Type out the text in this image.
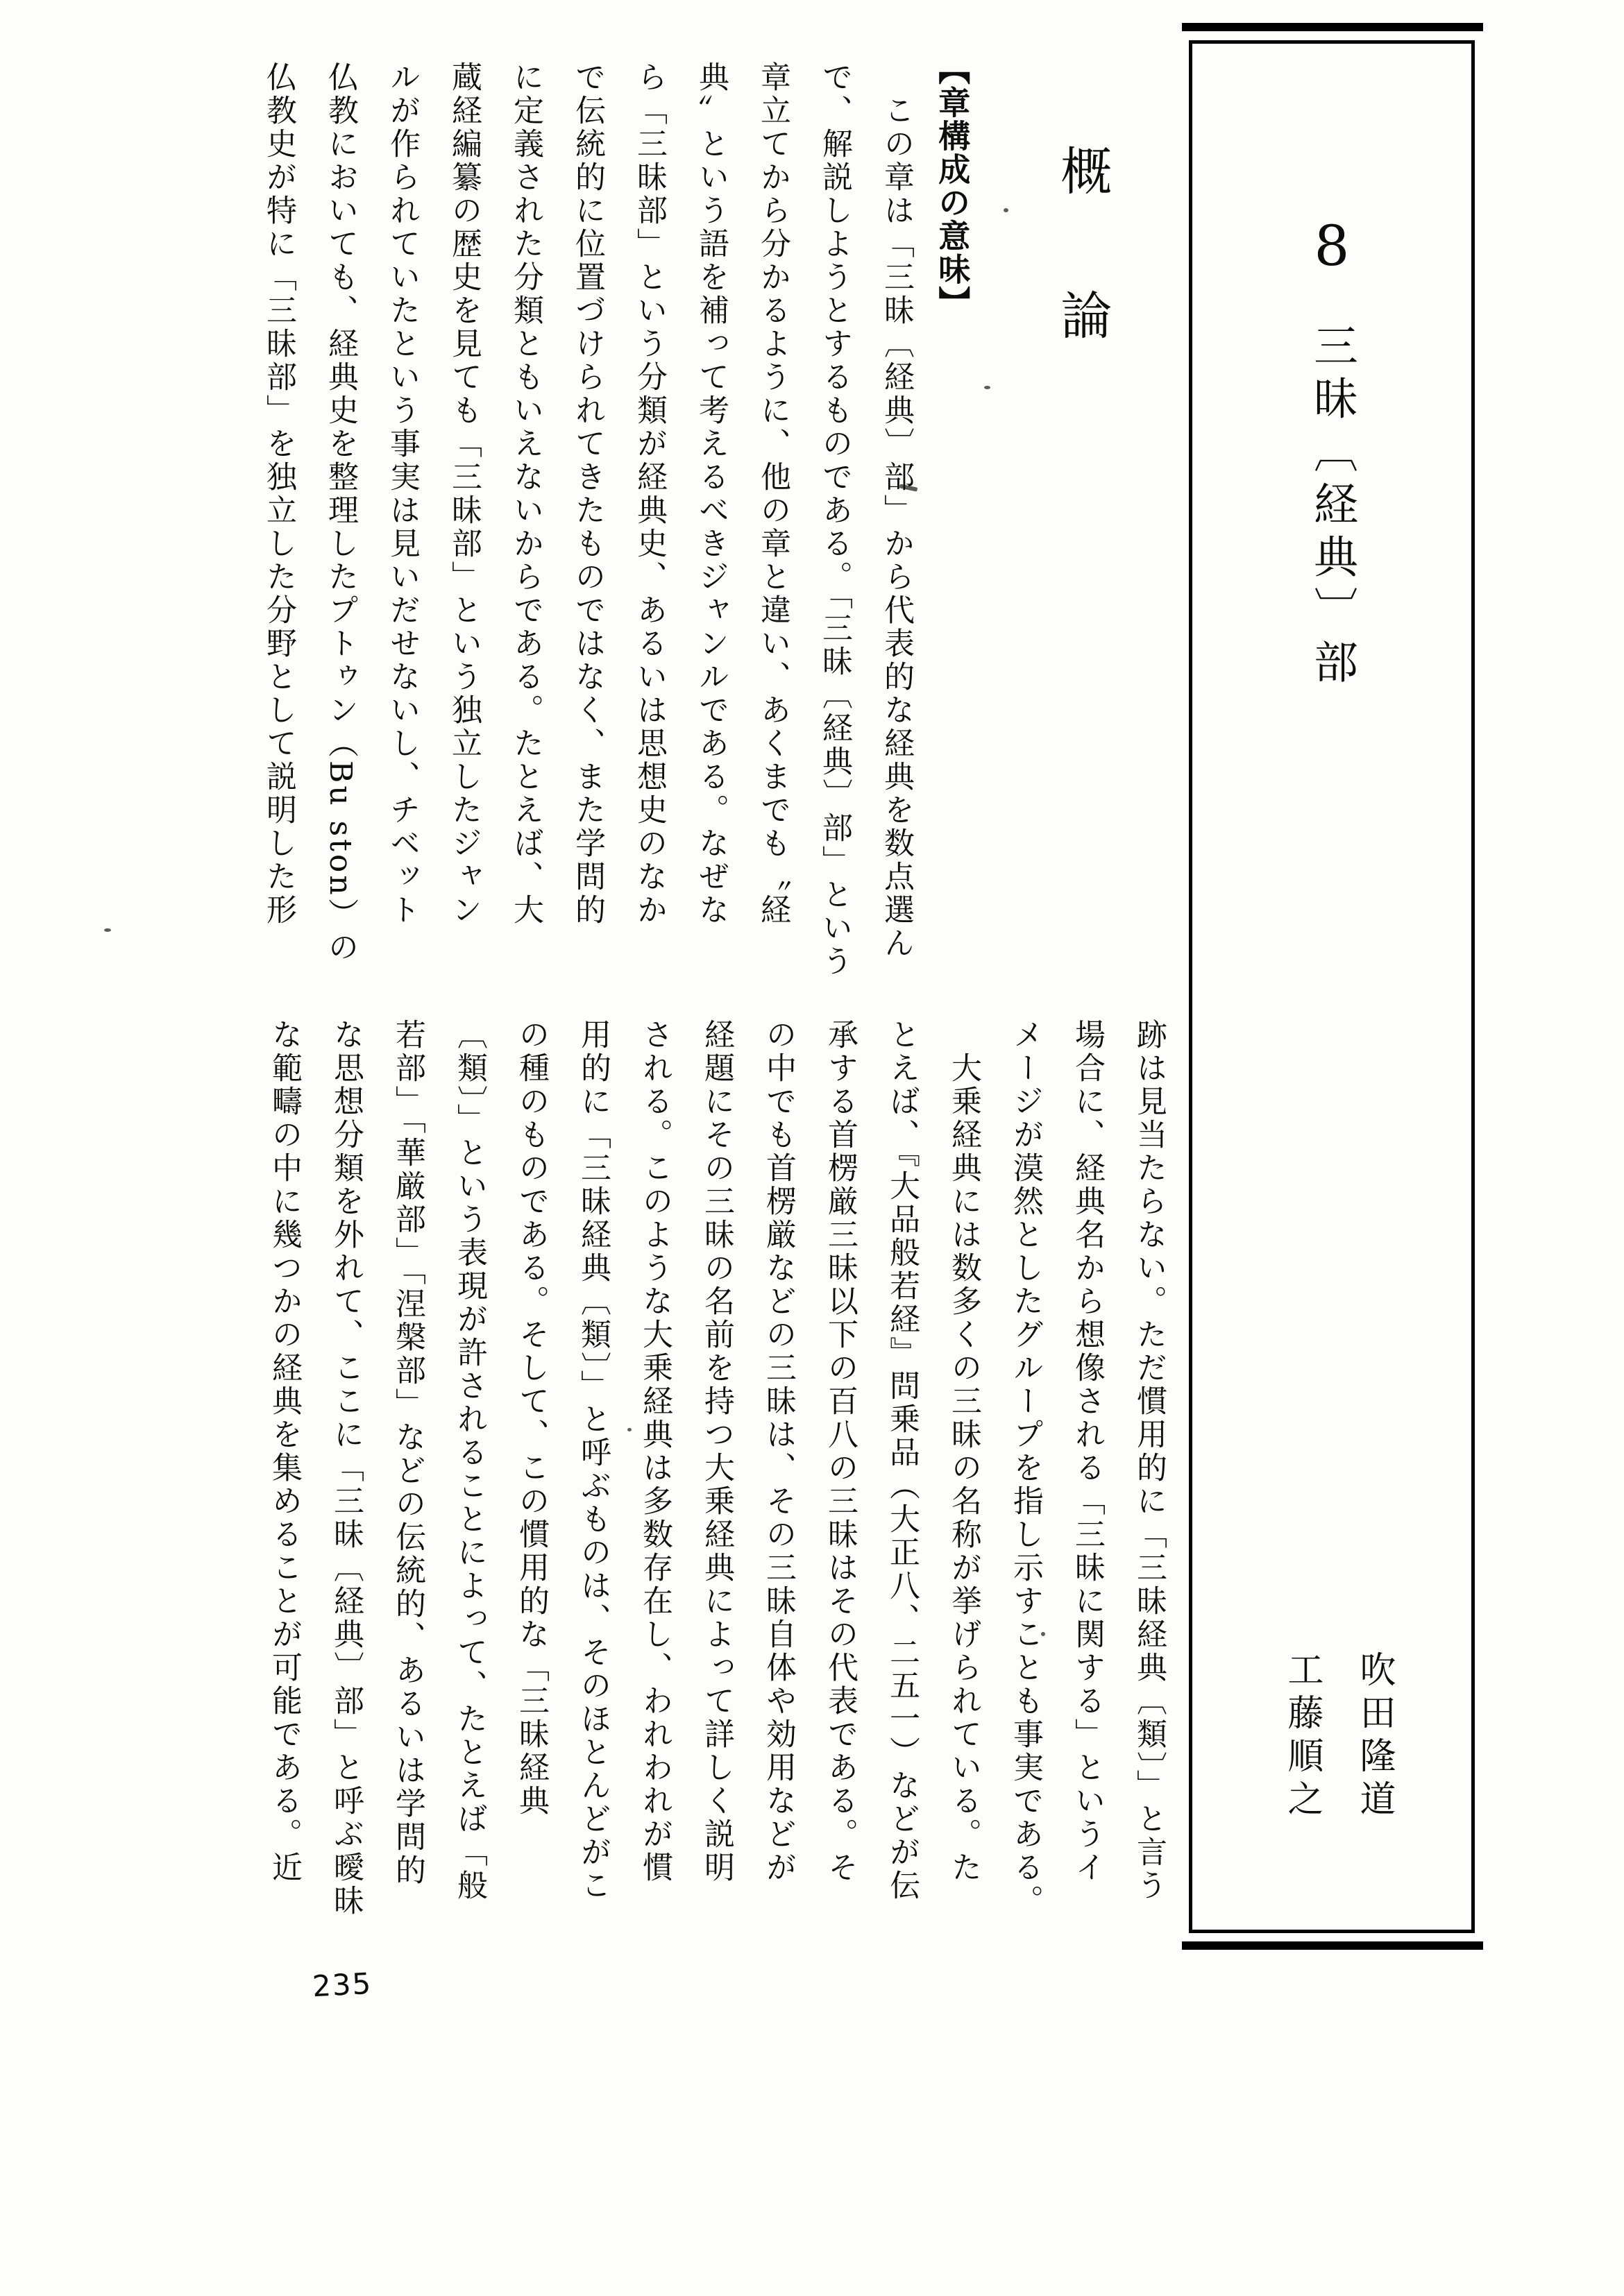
8
三昧〔経典〕部

吹田隆道

工藤順之

概論
【章構成の意味】

　この章は「三昧〔経典〕部」から代表的な経典を数点選ん

で、解説しようとするものである。「三昧〔経典〕部」という

章立てから分かるように、他の章と違い、あくまでも〝経

典〟という語を補って考えるべきジャンルである。なぜな

ら「三昧部」という分類が経典史、あるいは思想史のなか

で伝統的に位置づけられてきたものではなく、また学問的

に定義された分類ともいえないからである。たとえば、大

蔵経編纂の歴史を見ても「三昧部」という独立したジャン

ルが作られていたという事実は見いだせないし、チベット

仏教においても、経典史を整理したプトゥン（Bu ston）の

仏教史が特に「三昧部」を独立した分野として説明した形

跡は見当たらない。ただ慣用的に「三昧経典〔類〕」と言う

場合に、経典名から想像される「三昧に関する」というイ

メージが漠然としたグループを指し示すことも事実である。

　大乗経典には数多くの三昧の名称が挙げられている。た

とえば、『大品般若経』問乗品（大正八、二五一）などが伝

承する首楞厳三昧以下の百八の三昧はその代表である。そ

の中でも首楞厳などの三昧は、その三昧自体や効用などが

経題にその三昧の名前を持つ大乗経典によって詳しく説明

される。このような大乗経典は多数存在し、われわれが慣

用的に「三昧経典〔類〕」と呼ぶものは、そのほとんどがこ

の種のものである。そして、この慣用的な「三昧経典

〔類〕」という表現が許されることによって、たとえば「般

若部」「華厳部」「涅槃部」などの伝統的、あるいは学問的

な思想分類を外れて、ここに「三昧〔経典〕部」と呼ぶ曖昧

な範疇の中に幾つかの経典を集めることが可能である。近

235
